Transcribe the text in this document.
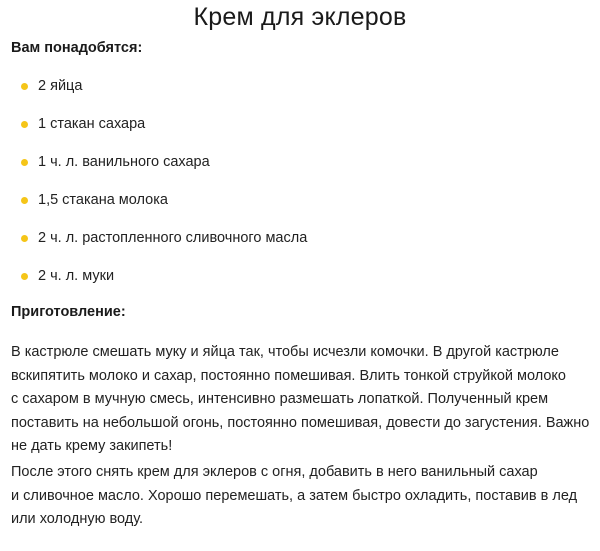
Крем для эклеров
Вам понадобятся:
2 яйца
1 стакан сахара
1 ч. л. ванильного сахара
1,5 стакана молока
2 ч. л. растопленного сливочного масла
2 ч. л. муки
Приготовление:

В кастрюле смешать муку и яйца так, чтобы исчезли комочки. В другой кастрюле
вскипятить молоко и сахар, постоянно помешивая. Влить тонкой струйкой молоко
с сахаром в мучную смесь, интенсивно размешать лопаткой. Полученный крем
поставить на небольшой огонь, постоянно помешивая, довести до загустения. Важно
не дать крему закипеть!

После этого снять крем для эклеров с огня, добавить в него ванильный сахар
и сливочное масло. Хорошо перемешать, а затем быстро охладить, поставив в лед
или холодную воду.
